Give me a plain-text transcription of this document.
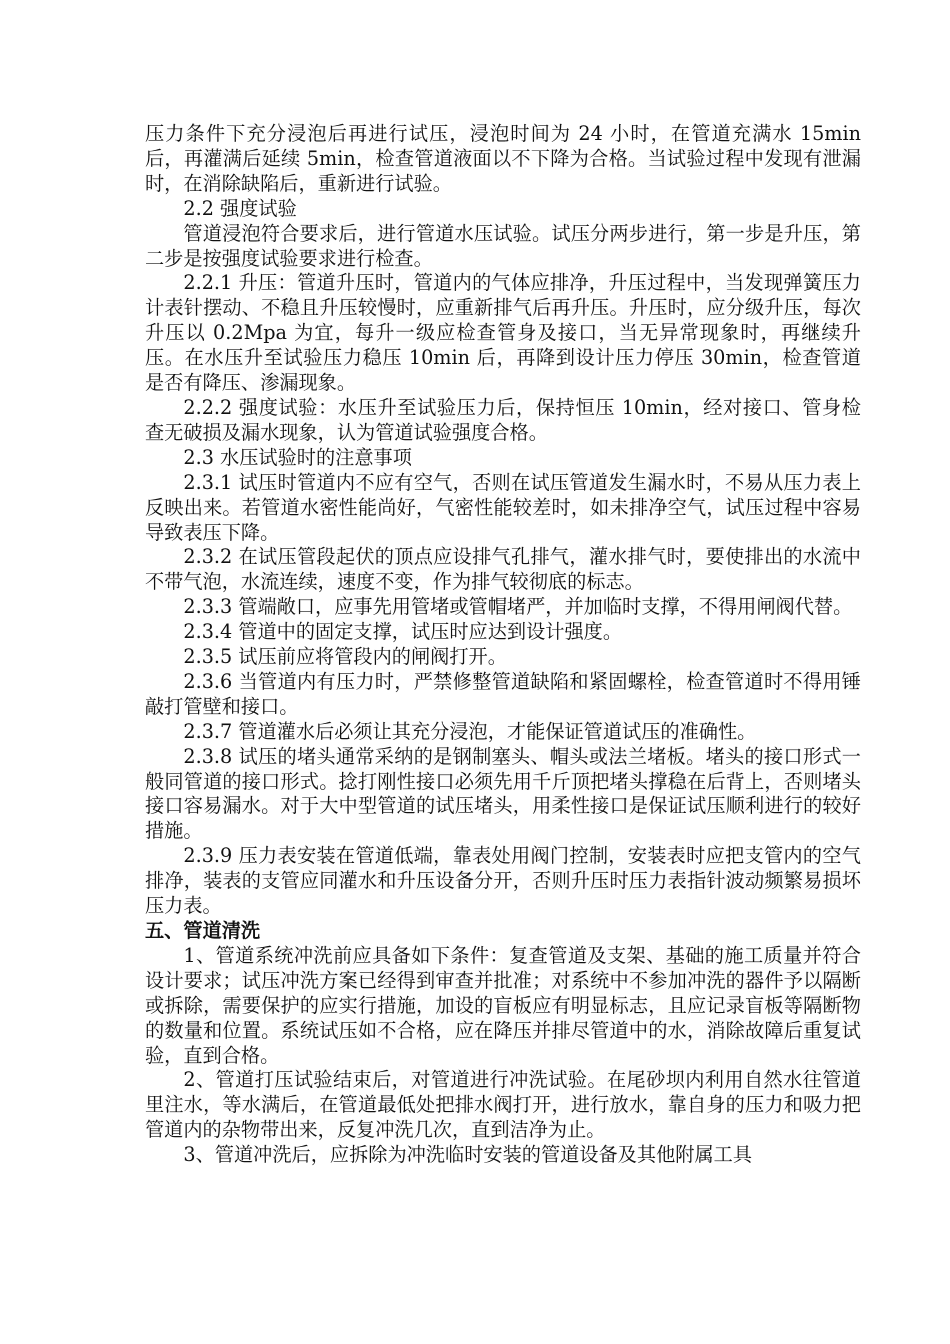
压力条件下充分浸泡后再进行试压，浸泡时间为 24 小时，在管道充满水 15min 后，再灌满后延续 5min，检查管道液面以不下降为合格。当试验过程中发现有泄漏时，在消除缺陷后，重新进行试验。

2.2 强度试验

管道浸泡符合要求后，进行管道水压试验。试压分两步进行，第一步是升压，第二步是按强度试验要求进行检查。

2.2.1 升压：管道升压时，管道内的气体应排净，升压过程中，当发现弹簧压力计表针摆动、不稳且升压较慢时，应重新排气后再升压。升压时，应分级升压，每次升压以 0.2Mpa 为宜，每升一级应检查管身及接口，当无异常现象时，再继续升压。在水压升至试验压力稳压 10min 后，再降到设计压力停压 30min，检查管道是否有降压、渗漏现象。

2.2.2 强度试验：水压升至试验压力后，保持恒压 10min，经对接口、管身检查无破损及漏水现象，认为管道试验强度合格。

2.3 水压试验时的注意事项

2.3.1 试压时管道内不应有空气，否则在试压管道发生漏水时，不易从压力表上反映出来。若管道水密性能尚好，气密性能较差时，如未排净空气，试压过程中容易导致表压下降。

2.3.2 在试压管段起伏的顶点应设排气孔排气，灌水排气时，要使排出的水流中不带气泡，水流连续，速度不变，作为排气较彻底的标志。

2.3.3 管端敞口，应事先用管堵或管帽堵严，并加临时支撑，不得用闸阀代替。

2.3.4 管道中的固定支撑，试压时应达到设计强度。

2.3.5 试压前应将管段内的闸阀打开。

2.3.6 当管道内有压力时，严禁修整管道缺陷和紧固螺栓，检查管道时不得用锤敲打管壁和接口。

2.3.7 管道灌水后必须让其充分浸泡，才能保证管道试压的准确性。

2.3.8 试压的堵头通常采纳的是钢制塞头、帽头或法兰堵板。堵头的接口形式一般同管道的接口形式。捻打刚性接口必须先用千斤顶把堵头撑稳在后背上，否则堵头接口容易漏水。对于大中型管道的试压堵头，用柔性接口是保证试压顺利进行的较好措施。

2.3.9 压力表安装在管道低端，靠表处用阀门控制，安装表时应把支管内的空气排净，装表的支管应同灌水和升压设备分开，否则升压时压力表指针波动频繁易损坏压力表。

五、管道清洗

1、管道系统冲洗前应具备如下条件：复查管道及支架、基础的施工质量并符合设计要求；试压冲洗方案已经得到审查并批准；对系统中不参加冲洗的器件予以隔断或拆除，需要保护的应实行措施，加设的盲板应有明显标志，且应记录盲板等隔断物的数量和位置。系统试压如不合格，应在降压并排尽管道中的水，消除故障后重复试验，直到合格。

2、管道打压试验结束后，对管道进行冲洗试验。在尾砂坝内利用自然水往管道里注水，等水满后，在管道最低处把排水阀打开，进行放水，靠自身的压力和吸力把管道内的杂物带出来，反复冲洗几次，直到洁净为止。

3、管道冲洗后，应拆除为冲洗临时安装的管道设备及其他附属工具
